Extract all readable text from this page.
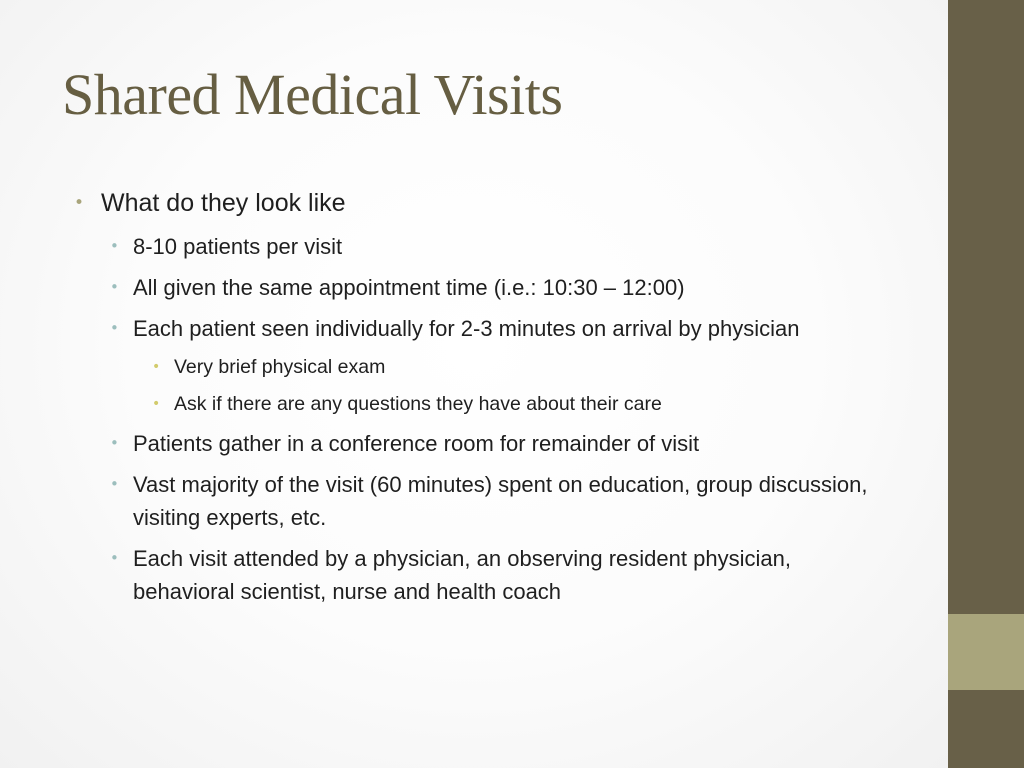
Shared Medical Visits
• What do they look like
• 8-10 patients per visit
• All given the same appointment time (i.e.: 10:30 – 12:00)
• Each patient seen individually for 2-3 minutes on arrival by physician
• Very brief physical exam
• Ask if there are any questions they have about their care
• Patients gather in a conference room for remainder of visit
• Vast majority of the visit (60 minutes) spent on education, group discussion, visiting experts, etc.
• Each visit attended by a physician, an observing resident physician, behavioral scientist, nurse and health coach
